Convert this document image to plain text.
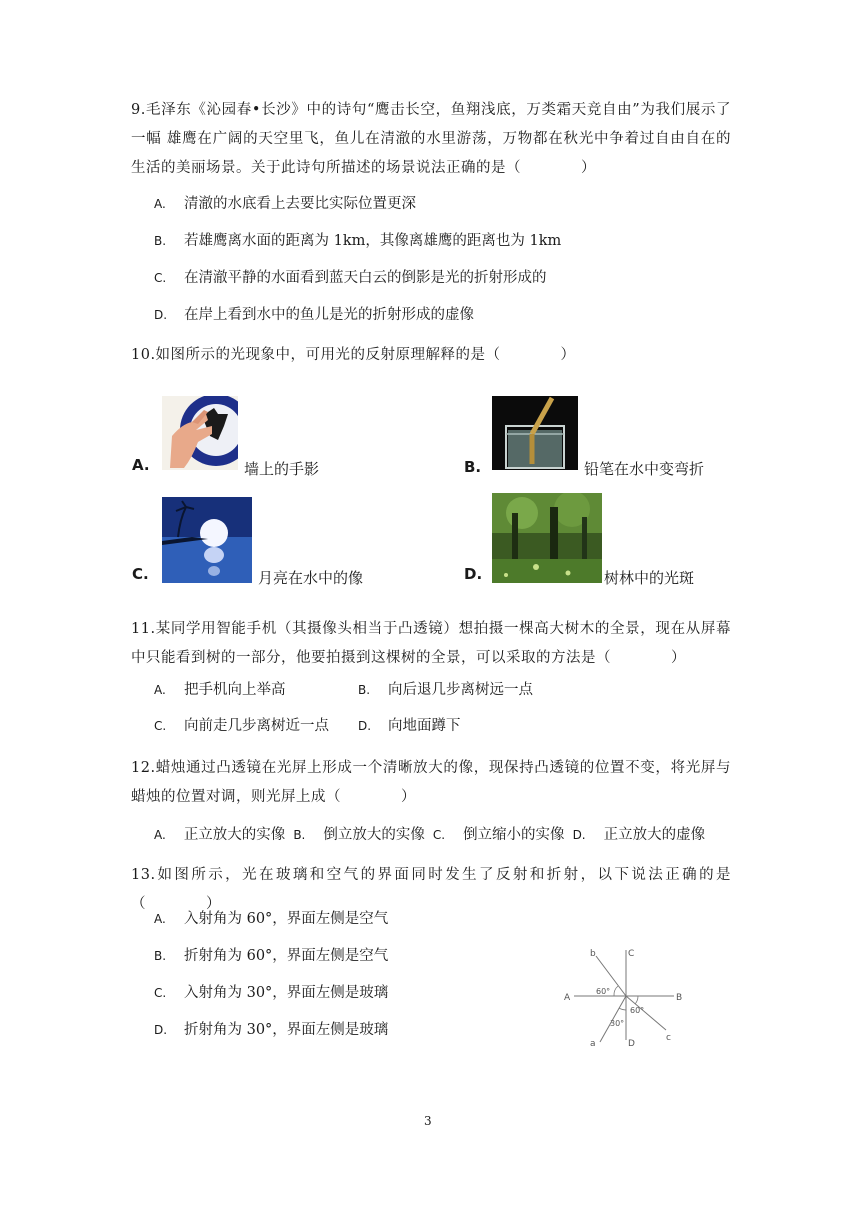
9.毛泽东《沁园春•长沙》中的诗句“鹰击长空，鱼翔浅底，万类霜天竞自由”为我们展示了一幅 雄鹰在广阔的天空里飞，鱼儿在清澈的水里游荡，万物都在秋光中争着过自由自在的生活的美丽场景。关于此诗句所描述的场景说法正确的是（　　　　）
A. 清澈的水底看上去要比实际位置更深
B. 若雄鹰离水面的距离为 1km，其像离雄鹰的距离也为 1km
C. 在清澈平静的水面看到蓝天白云的倒影是光的折射形成的
D. 在岸上看到水中的鱼儿是光的折射形成的虚像
10.如图所示的光现象中，可用光的反射原理解释的是（　　　　）
A.	墙上的手影	B.	铅笔在水中变弯折
C.	月亮在水中的像	D.	树林中的光斑
11.某同学用智能手机（其摄像头相当于凸透镜）想拍摄一棵高大树木的全景，现在从屏幕中只能看到树的一部分，他要拍摄到这棵树的全景，可以采取的方法是（　　　　）
A. 把手机向上举高	B. 向后退几步离树远一点
C. 向前走几步离树近一点 D. 向地面蹲下
12.蜡烛通过凸透镜在光屏上形成一个清晰放大的像，现保持凸透镜的位置不变，将光屏与蜡烛的位置对调，则光屏上成（　　　　）
A. 正立放大的实像 B. 倒立放大的实像 C. 倒立缩小的实像 D. 正立放大的虚像
13.如图所示，光在玻璃和空气的界面同时发生了反射和折射，以下说法正确的是（　　　　）
A. 入射角为 60°，界面左侧是空气
B. 折射角为 60°，界面左侧是空气
C. 入射角为 30°，界面左侧是玻璃
D. 折射角为 30°，界面左侧是玻璃
b	C
A	B
c
a	D
60°
60°
30°
3
